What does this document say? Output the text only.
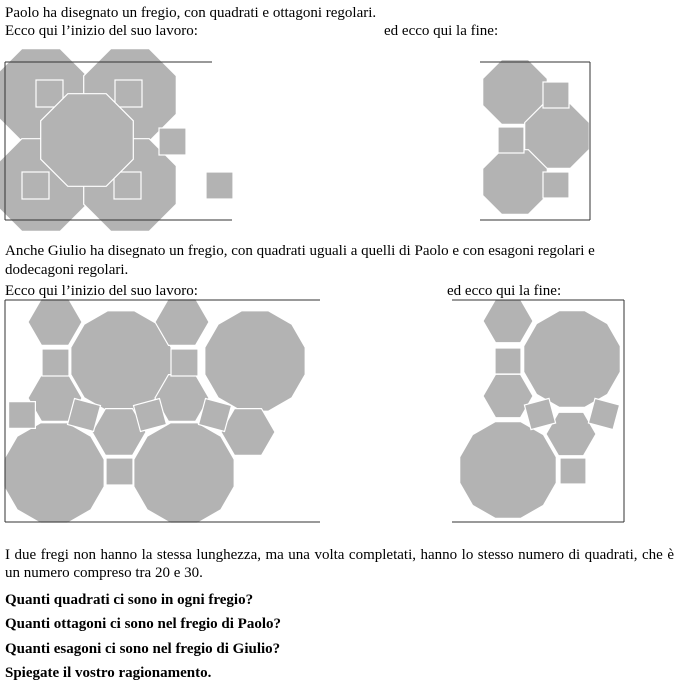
Paolo ha disegnato un fregio, con quadrati e ottagoni regolari.
Ecco qui l’inizio del suo lavoro:	ed ecco qui la fine:
Anche Giulio ha disegnato un fregio, con quadrati uguali a quelli di Paolo e con esagoni regolari e
dodecagoni regolari.
Ecco qui l’inizio del suo lavoro:	ed ecco qui la fine:
I due fregi non hanno la stessa lunghezza, ma una volta completati, hanno lo stesso numero di quadrati, che è un numero compreso tra 20 e 30.
Quanti quadrati ci sono in ogni fregio?
Quanti ottagoni ci sono nel fregio di Paolo?
Quanti esagoni ci sono nel fregio di Giulio?
Spiegate il vostro ragionamento.
